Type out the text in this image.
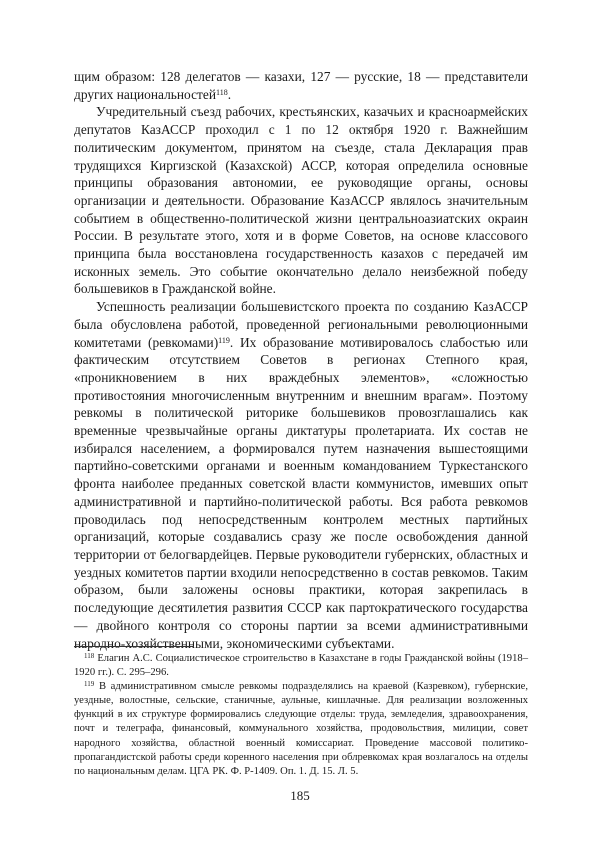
щим образом: 128 делегатов — казахи, 127 — русские, 18 — представители других национальностей$^{118}$.

Учредительный съезд рабочих, крестьянских, казачьих и красноармейских депутатов КазАССР проходил с 1 по 12 октября 1920 г. Важнейшим политическим документом, принятом на съезде, стала Декларация прав трудящихся Киргизской (Казахской) АССР, которая определила основные принципы образования автономии, ее руководящие органы, основы организации и деятельности. Образование КазАССР являлось значительным событием в общественно-политической жизни центральноазиатских окраин России. В результате этого, хотя и в форме Советов, на основе классового принципа была восстановлена государственность казахов с передачей им исконных земель. Это событие окончательно делало неизбежной победу большевиков в Гражданской войне.

Успешность реализации большевистского проекта по созданию КазАССР была обусловлена работой, проведенной региональными революционными комитетами (ревкомами)$^{119}$. Их образование мотивировалось слабостью или фактическим отсутствием Советов в регионах Степного края, «проникновением в них враждебных элементов», «сложностью противостояния многочисленным внутренним и внешним врагам». Поэтому ревкомы в политической риторике большевиков провозглашались как временные чрезвычайные органы диктатуры пролетариата. Их состав не избирался населением, а формировался путем назначения вышестоящими партийно-советскими органами и военным командованием Туркестанского фронта наиболее преданных советской власти коммунистов, имевших опыт административной и партийно-политической работы. Вся работа ревкомов проводилась под непосредственным контролем местных партийных организаций, которые создавались сразу же после освобождения данной территории от белогвардейцев. Первые руководители губернских, областных и уездных комитетов партии входили непосредственно в состав ревкомов. Таким образом, были заложены основы практики, которая закрепилась в последующие десятилетия развития СССР как партократического государства — двойного контроля со стороны партии за всеми административными народно-хозяйственными, экономическими субъектами.

$^{118}$ Елагин А.С. Социалистическое строительство в Казахстане в годы Гражданской войны (1918–1920 гг.). С. 295–296.

$^{119}$ В административном смысле ревкомы подразделялись на краевой (Казревком), губернские, уездные, волостные, сельские, станичные, аульные, кишлачные. Для реализации возложенных функций в их структуре формировались следующие отделы: труда, земледелия, здравоохранения, почт и телеграфа, финансовый, коммунального хозяйства, продовольствия, милиции, совет народного хозяйства, областной военный комиссариат. Проведение массовой политико-пропагандистской работы среди коренного населения при облревкомах края возлагалось на отделы по национальным делам. ЦГА РК. Ф. Р-1409. Оп. 1. Д. 15. Л. 5.

185
